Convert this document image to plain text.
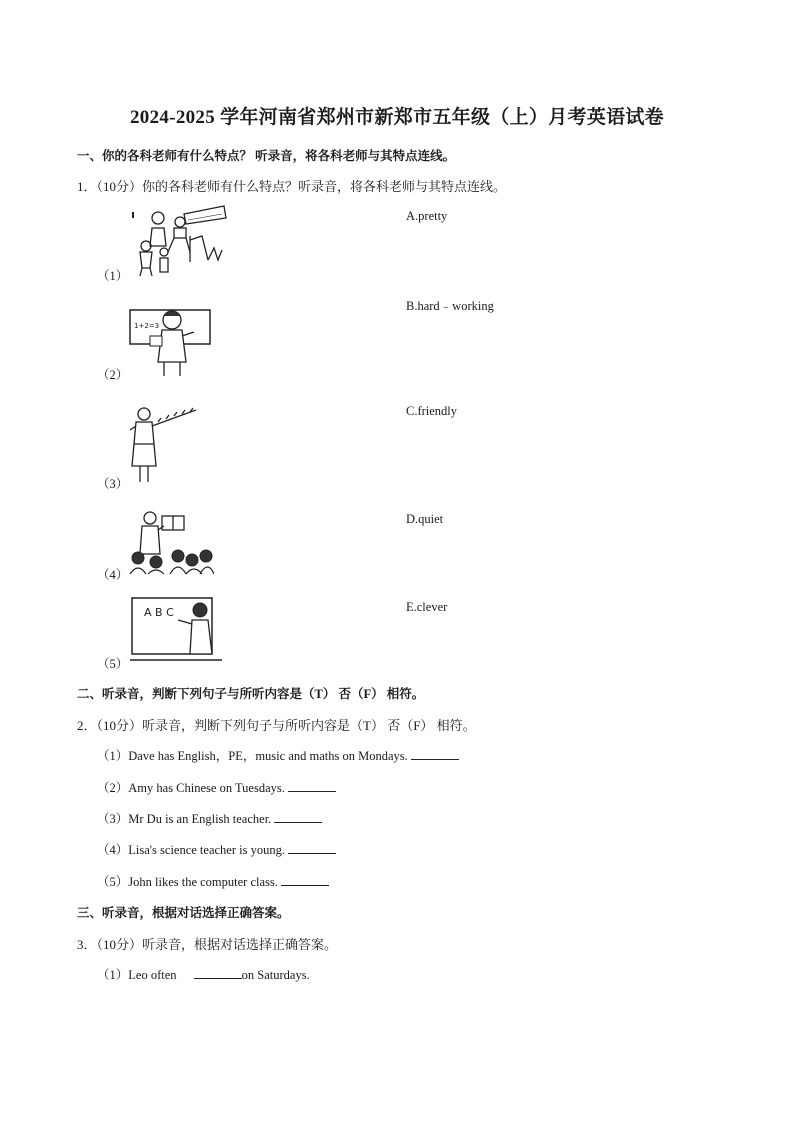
2024-2025 学年河南省郑州市新郑市五年级（上）月考英语试卷
一、你的各科老师有什么特点？ 听录音，将各科老师与其特点连线。
1．（10分）你的各科老师有什么特点？听录音，将各科老师与其特点连线。
（1）
1+2=3
（2）
（3）
（4）
A B C
（5）
A.pretty
B.hard﹣working
C.friendly
D.quiet
E.clever
二、听录音，判断下列句子与所听内容是（T） 否（F） 相符。
2．（10分）听录音，判断下列句子与所听内容是（T） 否（F） 相符。
（1）Dave has English，PE，music and maths on Mondays.
（2）Amy has Chinese on Tuesdays.
（3）Mr Du is an English teacher.
（4）Lisa's science teacher is young.
（5）John likes the computer class.
三、听录音，根据对话选择正确答案。
3．（10分）听录音，根据对话选择正确答案。
（1）Leo often	on Saturdays.
